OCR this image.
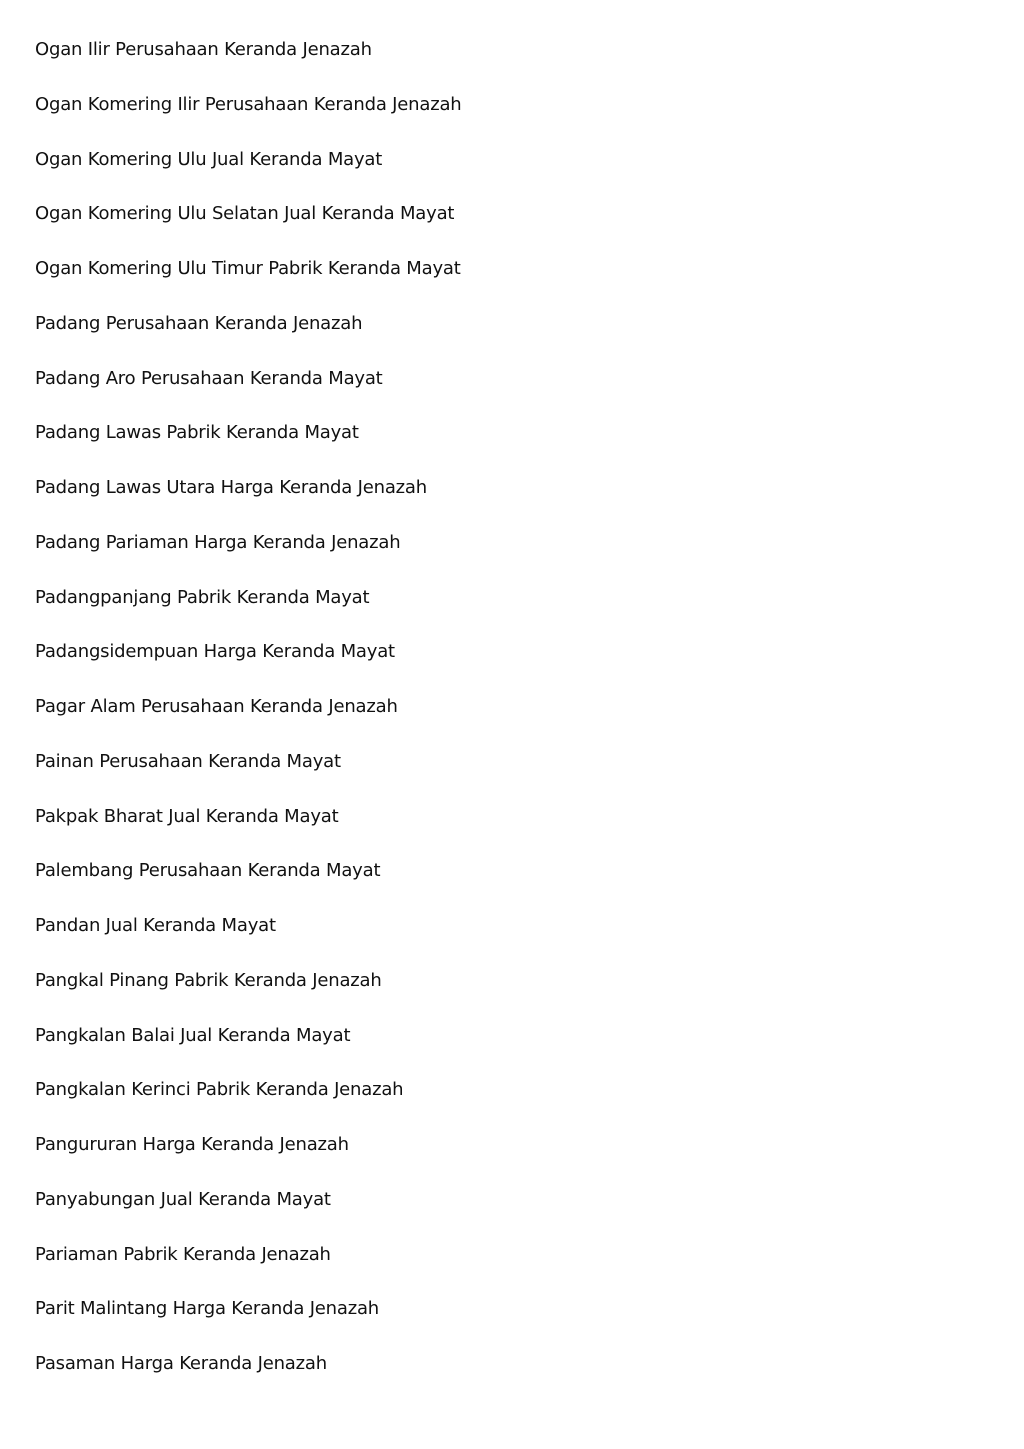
Ogan Ilir Perusahaan Keranda Jenazah
Ogan Komering Ilir Perusahaan Keranda Jenazah
Ogan Komering Ulu Jual Keranda Mayat
Ogan Komering Ulu Selatan Jual Keranda Mayat
Ogan Komering Ulu Timur Pabrik Keranda Mayat
Padang Perusahaan Keranda Jenazah
Padang Aro Perusahaan Keranda Mayat
Padang Lawas Pabrik Keranda Mayat
Padang Lawas Utara Harga Keranda Jenazah
Padang Pariaman Harga Keranda Jenazah
Padangpanjang Pabrik Keranda Mayat
Padangsidempuan Harga Keranda Mayat
Pagar Alam Perusahaan Keranda Jenazah
Painan Perusahaan Keranda Mayat
Pakpak Bharat Jual Keranda Mayat
Palembang Perusahaan Keranda Mayat
Pandan Jual Keranda Mayat
Pangkal Pinang Pabrik Keranda Jenazah
Pangkalan Balai Jual Keranda Mayat
Pangkalan Kerinci Pabrik Keranda Jenazah
Pangururan Harga Keranda Jenazah
Panyabungan Jual Keranda Mayat
Pariaman Pabrik Keranda Jenazah
Parit Malintang Harga Keranda Jenazah
Pasaman Harga Keranda Jenazah
